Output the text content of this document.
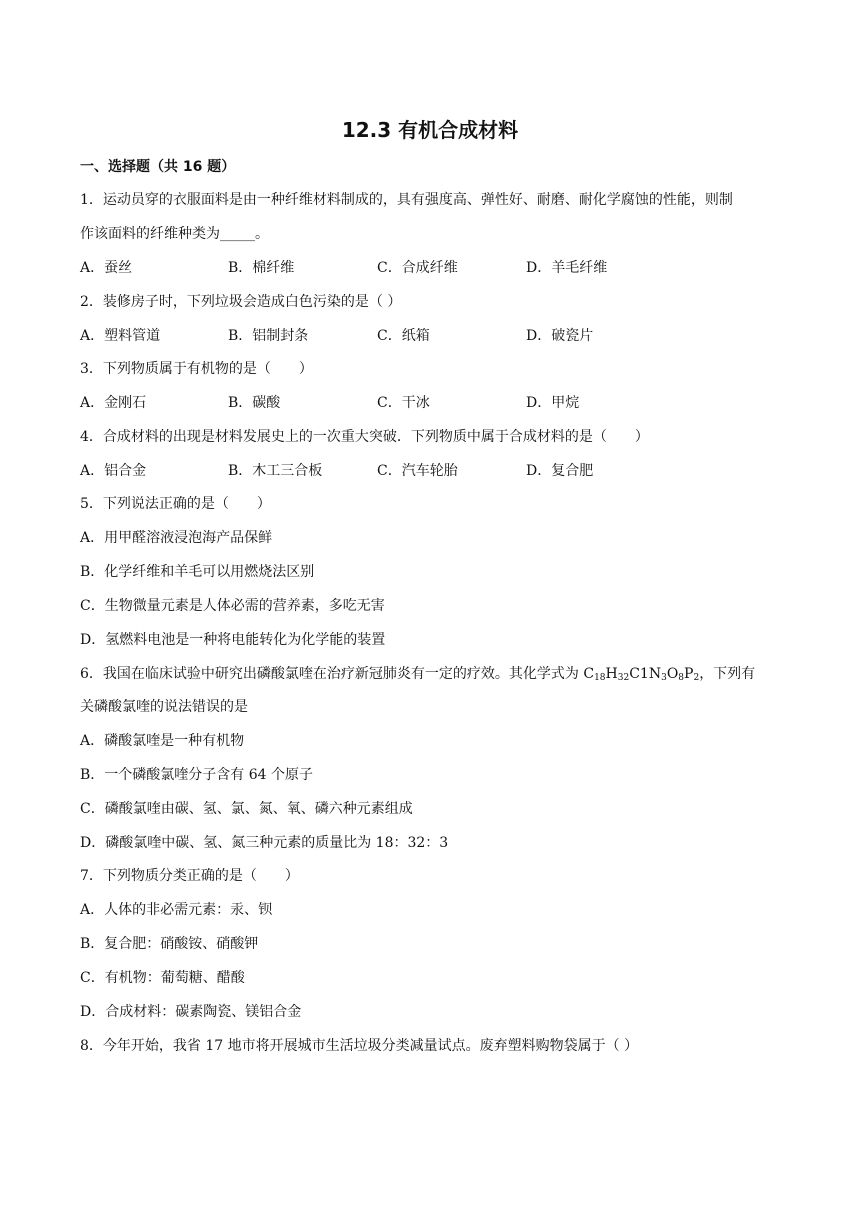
12.3 有机合成材料
一、选择题（共 16 题）
1．运动员穿的衣服面料是由一种纤维材料制成的，具有强度高、弹性好、耐磨、耐化学腐蚀的性能，则制
作该面料的纤维种类为_____。
A．蚕丝	B．棉纤维	C．合成纤维	D．羊毛纤维
2．装修房子时，下列垃圾会造成白色污染的是（ ）
A．塑料管道	B．铝制封条	C．纸箱	D．破瓷片
3．下列物质属于有机物的是（　　）
A．金刚石	B．碳酸	C．干冰	D．甲烷
4．合成材料的出现是材料发展史上的一次重大突破．下列物质中属于合成材料的是（　　）
A．铝合金	B．木工三合板	C．汽车轮胎	D．复合肥
5．下列说法正确的是（　　）
A．用甲醛溶液浸泡海产品保鲜
B．化学纤维和羊毛可以用燃烧法区别
C．生物微量元素是人体必需的营养素，多吃无害
D．氢燃料电池是一种将电能转化为化学能的装置
6．我国在临床试验中研究出磷酸氯喹在治疗新冠肺炎有一定的疗效。其化学式为 $C_{18}H_{32}C1N_3O_8P_2$，下列有
关磷酸氯喹的说法错误的是
A．磷酸氯喹是一种有机物
B．一个磷酸氯喹分子含有 64 个原子
C．磷酸氯喹由碳、氢、氯、氮、氧、磷六种元素组成
D．磷酸氯喹中碳、氢、氮三种元素的质量比为 18：32：3
7．下列物质分类正确的是（　　）
A．人体的非必需元素：汞、钡
B．复合肥：硝酸铵、硝酸钾
C．有机物：葡萄糖、醋酸
D．合成材料：碳素陶瓷、镁铝合金
8．今年开始，我省 17 地市将开展城市生活垃圾分类减量试点。废弃塑料购物袋属于（ ）
